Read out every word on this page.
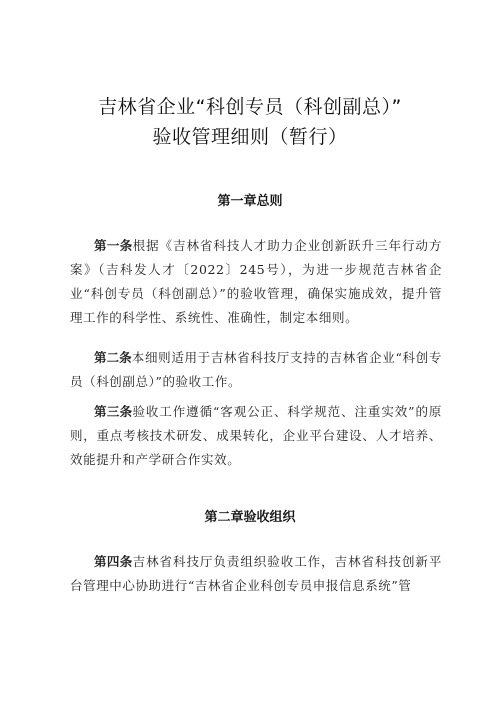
吉林省企业“科创专员（科创副总）”
验收管理细则（暂行）
第一章总则
第一条根据《吉林省科技人才助力企业创新跃升三年行动方案》（吉科发人才〔2022〕245号），为进一步规范吉林省企业“科创专员（科创副总）”的验收管理，确保实施成效，提升管理工作的科学性、系统性、准确性，制定本细则。
第二条本细则适用于吉林省科技厅支持的吉林省企业“科创专员（科创副总）”的验收工作。
第三条验收工作遵循“客观公正、科学规范、注重实效”的原则，重点考核技术研发、成果转化，企业平台建设、人才培养、效能提升和产学研合作实效。
第二章验收组织
第四条吉林省科技厅负责组织验收工作，吉林省科技创新平台管理中心协助进行“吉林省企业科创专员申报信息系统”管
